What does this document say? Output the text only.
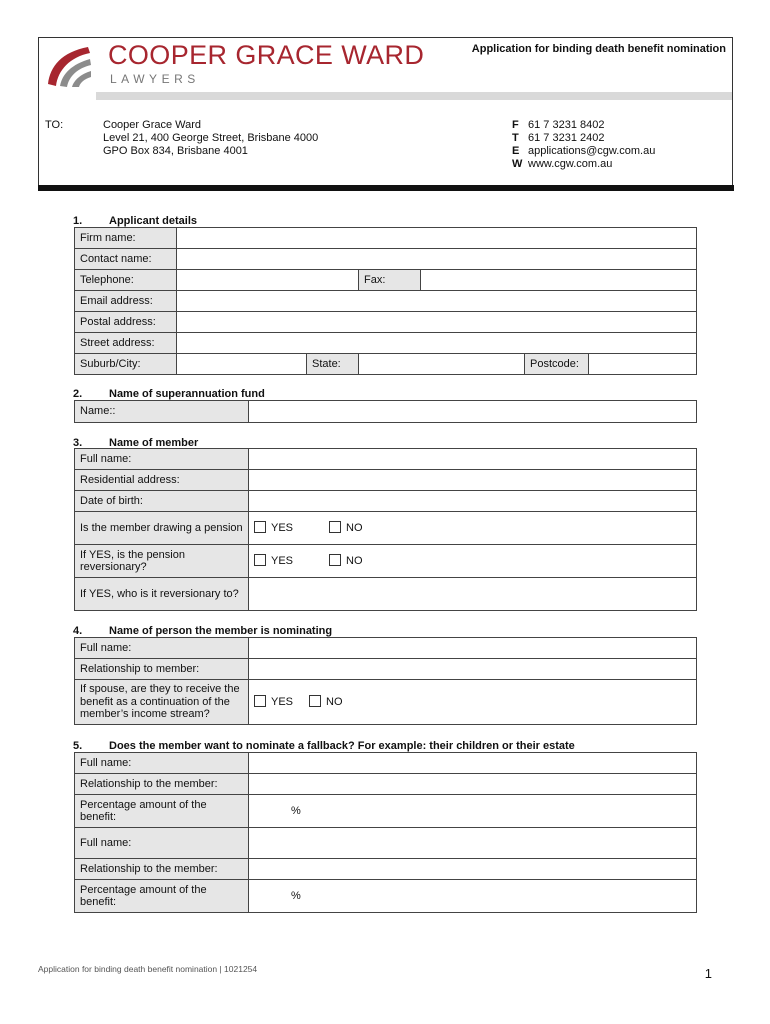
COOPER GRACE WARD
LAWYERS
Application for binding death benefit nomination
TO:	Cooper Grace Ward
Level 21, 400 George Street, Brisbane 4000
GPO Box 834, Brisbane 4001
F 61 7 3231 8402
T 61 7 3231 2402
E applications@cgw.com.au
W www.cgw.com.au
1. Applicant details
Firm name:						
Contact name:						
Telephone:			Fax:			
Email address:						
Postal address:						
Street address:						
Suburb/City:		State:			Postcode:	
2. Name of superannuation fund
Name::	
3. Name of member
Full name:	
Residential address:	
Date of birth:	
Is the member drawing a pension	YES NO
If YES, is the pension reversionary?	YES NO
If YES, who is it reversionary to?	
4. Name of person the member is nominating
Full name:	
Relationship to member:	
If spouse, are they to receive the benefit as a continuation of the member’s income stream?	YES NO
5. Does the member want to nominate a fallback? For example: their children or their estate
Full name:	
Relationship to the member:	
Percentage amount of the benefit:	%
Full name:	
Relationship to the member:	
Percentage amount of the benefit:	%
Application for binding death benefit nomination | 1021254	1
